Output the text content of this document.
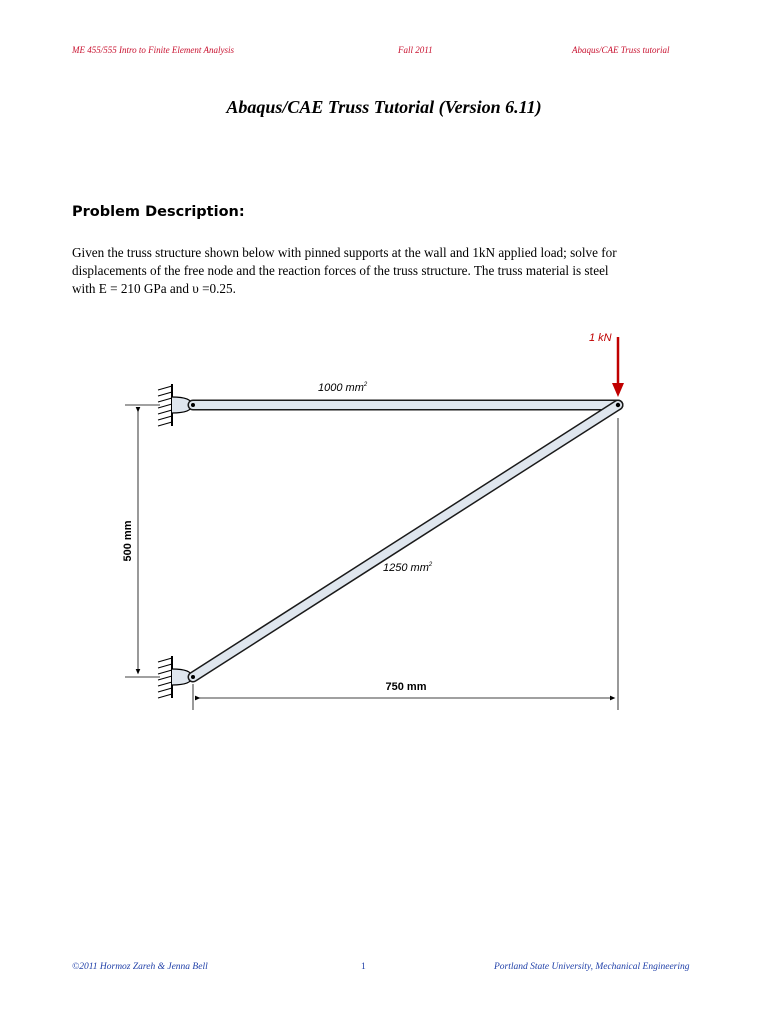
ME 455/555 Intro to Finite Element Analysis	Fall 2011	Abaqus/CAE Truss tutorial
Abaqus/CAE Truss Tutorial (Version 6.11)
Problem Description:
Given the truss structure shown below with pinned supports at the wall and 1kN applied load; solve for
displacements of the free node and the reaction forces of the truss structure. The truss material is steel
with E = 210 GPa and υ =0.25.
1 kN
1000 $mm^2$
1250 $mm^2$
500 mm
750 mm
©2011 Hormoz Zareh & Jenna Bell	1	Portland State University, Mechanical Engineering
